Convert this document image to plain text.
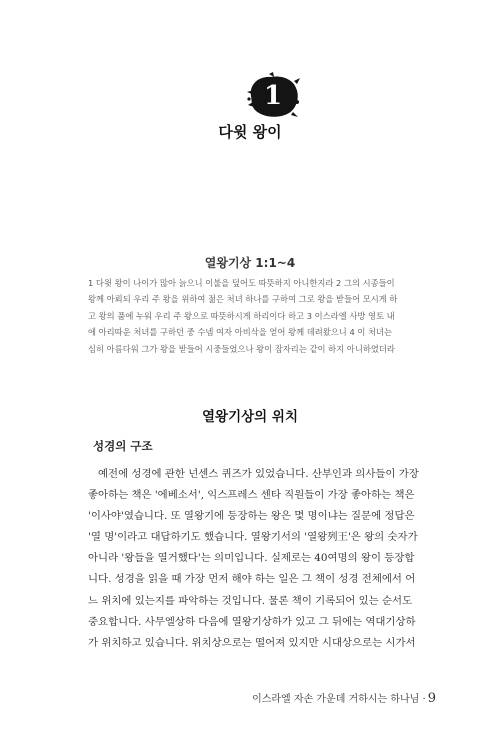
1
다윗 왕이
열왕기상 1:1~4
1 다윗 왕이 나이가 많아 늙으니 이불을 덮어도 따뜻하지 아니한지라 2 그의 시종들이
왕께 아뢰되 우리 주 왕을 위하여 젊은 처녀 하나를 구하여 그로 왕을 받들어 모시게 하
고 왕의 품에 누워 우리 주 왕으로 따뜻하시게 하리이다 하고 3 이스라엘 사방 영토 내
에 아리따운 처녀를 구하던 중 수넴 여자 아비삭을 얻어 왕께 데려왔으니 4 이 처녀는
심히 아름다워 그가 왕을 받들어 시중들었으나 왕이 잠자리는 같이 하지 아니하였더라
열왕기상의 위치
성경의 구조
예전에 성경에 관한 넌센스 퀴즈가 있었습니다. 산부인과 의사들이 가장
좋아하는 책은 '에베소서', 익스프레스 센타 직원들이 가장 좋아하는 책은
'이사야'였습니다. 또 열왕기에 등장하는 왕은 몇 명이냐는 질문에 정답은
'열 명'이라고 대답하기도 했습니다. 열왕기서의 '열왕列王'은 왕의 숫자가
아니라 '왕들을 열거했다'는 의미입니다. 실제로는 40여명의 왕이 등장합
니다. 성경을 읽을 때 가장 먼저 해야 하는 일은 그 책이 성경 전체에서 어
느 위치에 있는지를 파악하는 것입니다. 물론 책이 기록되어 있는 순서도
중요합니다. 사무엘상하 다음에 열왕기상하가 있고 그 뒤에는 역대기상하
가 위치하고 있습니다. 위치상으로는 떨어져 있지만 시대상으로는 시가서
이스라엘 자손 가운데 거하시는 하나님 · 9
